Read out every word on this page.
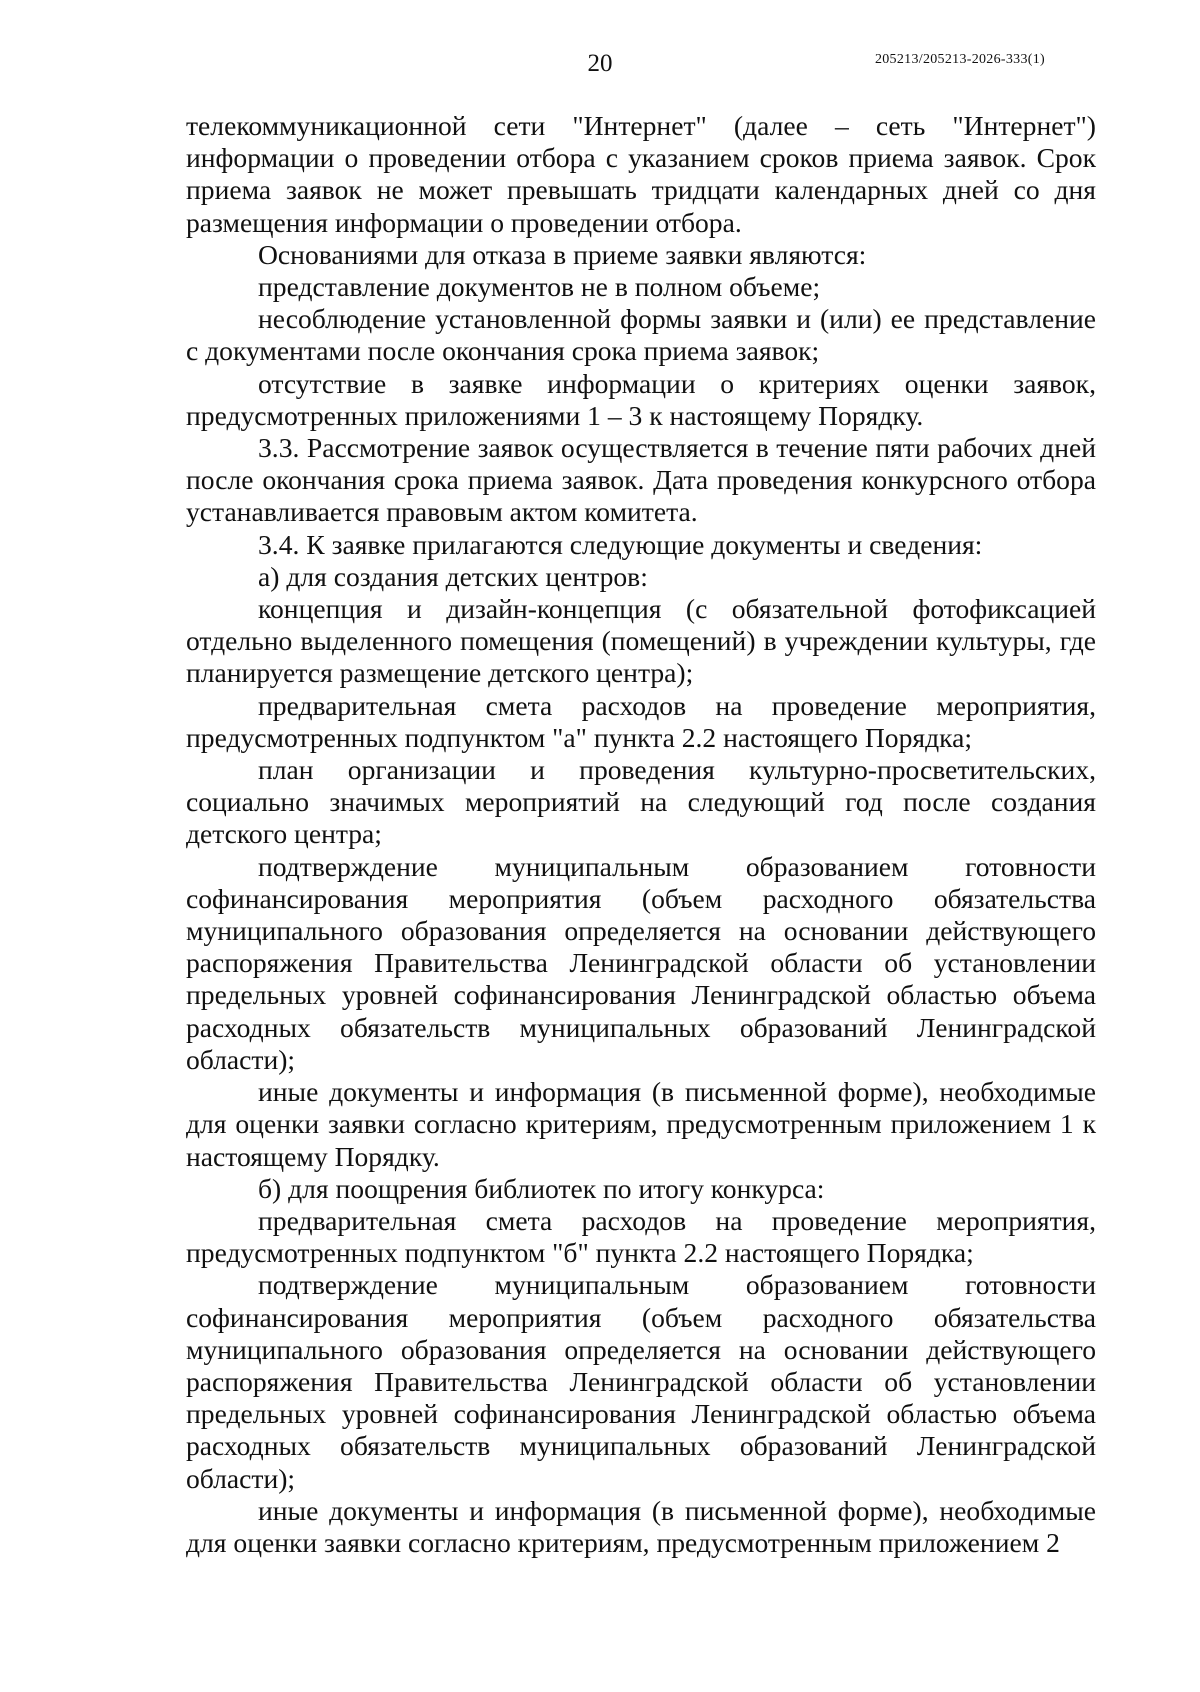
20	205213/205213-2026-333(1)

телекоммуникационной сети "Интернет" (далее – сеть "Интернет") информации о проведении отбора с указанием сроков приема заявок. Срок приема заявок не может превышать тридцати календарных дней со дня размещения информации о проведении отбора.

Основаниями для отказа в приеме заявки являются:

представление документов не в полном объеме;

несоблюдение установленной формы заявки и (или) ее представление с документами после окончания срока приема заявок;

отсутствие в заявке информации о критериях оценки заявок, предусмотренных приложениями 1 – 3 к настоящему Порядку.

3.3. Рассмотрение заявок осуществляется в течение пяти рабочих дней после окончания срока приема заявок. Дата проведения конкурсного отбора устанавливается правовым актом комитета.

3.4. К заявке прилагаются следующие документы и сведения:

а) для создания детских центров:

концепция и дизайн-концепция (с обязательной фотофиксацией отдельно выделенного помещения (помещений) в учреждении культуры, где планируется размещение детского центра);

предварительная смета расходов на проведение мероприятия, предусмотренных подпунктом "а" пункта 2.2 настоящего Порядка;

план организации и проведения культурно-просветительских, социально значимых мероприятий на следующий год после создания детского центра;

подтверждение муниципальным образованием готовности софинансирования мероприятия (объем расходного обязательства муниципального образования определяется на основании действующего распоряжения Правительства Ленинградской области об установлении предельных уровней софинансирования Ленинградской областью объема расходных обязательств муниципальных образований Ленинградской области);

иные документы и информация (в письменной форме), необходимые для оценки заявки согласно критериям, предусмотренным приложением 1 к настоящему Порядку.

б) для поощрения библиотек по итогу конкурса:

предварительная смета расходов на проведение мероприятия, предусмотренных подпунктом "б" пункта 2.2 настоящего Порядка;

подтверждение муниципальным образованием готовности софинансирования мероприятия (объем расходного обязательства муниципального образования определяется на основании действующего распоряжения Правительства Ленинградской области об установлении предельных уровней софинансирования Ленинградской областью объема расходных обязательств муниципальных образований Ленинградской области);

иные документы и информация (в письменной форме), необходимые для оценки заявки согласно критериям, предусмотренным приложением 2
